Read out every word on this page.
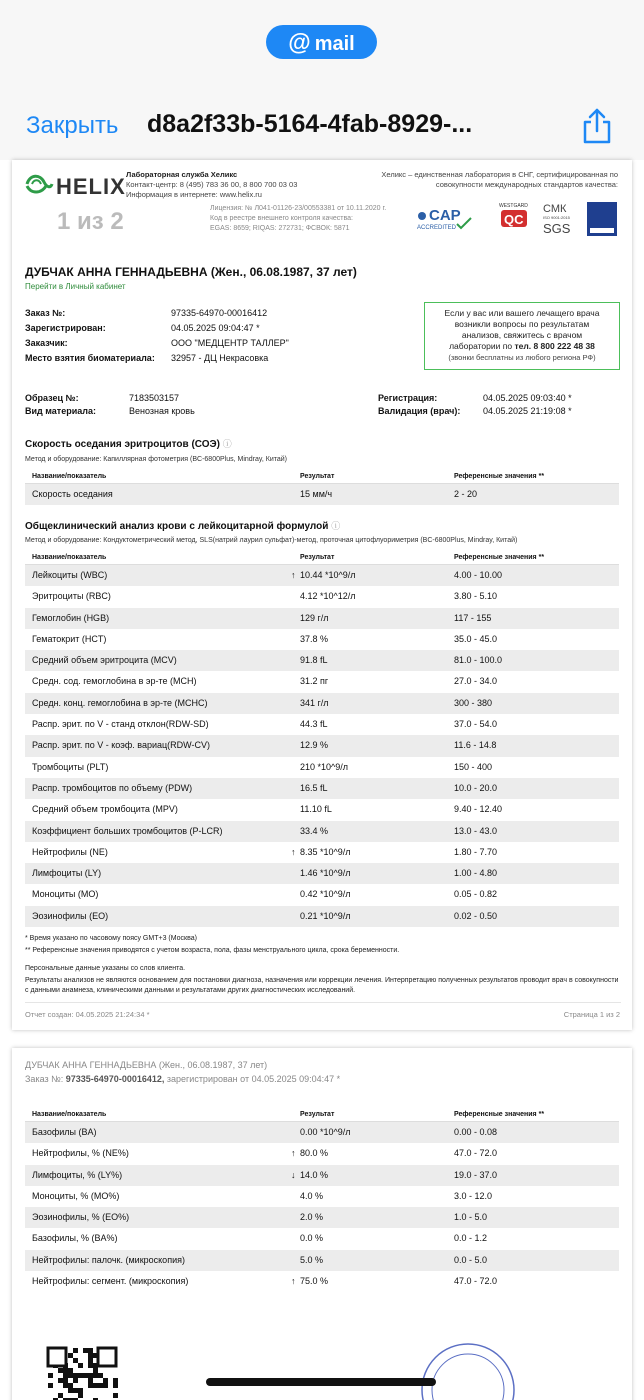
@ mail
Закрыть d8a2f33b-5164-4fab-8929-...
HELIX Лабораторная служба Хеликс
Контакт-центр: 8 (495) 783 36 00, 8 800 700 03 03
Информация в интернете: www.helix.ru
Лицензия: № Л041-01126-23/00553381 от 10.11.2020 г.
Код в реестре внешнего контроля качества:
EGAS: 8659; RIQAS: 272731; ФСВОК: 5871
1 из 2
Хеликс – единственная лаборатория в СНГ, сертифицированная по совокупности международных стандартов качества:
CAP
ACCREDITED
WESTGARD
QC
СМК
ISO 9001:2015
SGS
ДУБЧАК АННА ГЕННАДЬЕВНА (Жен., 06.08.1987, 37 лет)
Перейти в Личный кабинет
Заказ №:	97335-64970-00016412
Зарегистрирован:	04.05.2025 09:04:47 *
Заказчик:	ООО "МЕДЦЕНТР ТАЛЛЕР"
Место взятия биоматериала:	32957 - ДЦ Некрасовка
Если у вас или вашего лечащего врача
возникли вопросы по результатам
анализов, свяжитесь с врачом
лаборатории по тел. 8 800 222 48 38
(звонки бесплатны из любого региона РФ)
Образец №:	7183503157	Регистрация:	04.05.2025 09:03:40 *
Вид материала:	Венозная кровь	Валидация (врач):	04.05.2025 21:19:08 *
Скорость оседания эритроцитов (СОЭ) ⓘ
Метод и оборудование: Капиллярная фотометрия (BC-6800Plus, Mindray, Китай)
Название/показатель	Результат	Референсные значения **
Скорость оседания	15 мм/ч	2 - 20
Общеклинический анализ крови с лейкоцитарной формулой ⓘ
Метод и оборудование: Кондуктометрический метод, SLS(натрий лаурил сульфат)-метод, проточная цитофлуориметрия (BC-6800Plus, Mindray, Китай)
Название/показатель	Результат	Референсные значения **
Лейкоциты (WBC)	↑ 10.44 *10^9/л	4.00 - 10.00
Эритроциты (RBC)	4.12 *10^12/л	3.80 - 5.10
Гемоглобин (HGB)	129 г/л	117 - 155
Гематокрит (HCT)	37.8 %	35.0 - 45.0
Средний объем эритроцита (MCV)	91.8 fL	81.0 - 100.0
Средн. сод. гемоглобина в эр-те (MCH)	31.2 пг	27.0 - 34.0
Средн. конц. гемоглобина в эр-те (MCHC)	341 г/л	300 - 380
Распр. эрит. по V - станд отклон(RDW-SD)	44.3 fL	37.0 - 54.0
Распр. эрит. по V - коэф. вариац(RDW-CV)	12.9 %	11.6 - 14.8
Тромбоциты (PLT)	210 *10^9/л	150 - 400
Распр. тромбоцитов по объему (PDW)	16.5 fL	10.0 - 20.0
Средний объем тромбоцита (MPV)	11.10 fL	9.40 - 12.40
Коэффициент больших тромбоцитов (P-LCR)	33.4 %	13.0 - 43.0
Нейтрофилы (NE)	↑ 8.35 *10^9/л	1.80 - 7.70
Лимфоциты (LY)	1.46 *10^9/л	1.00 - 4.80
Моноциты (MO)	0.42 *10^9/л	0.05 - 0.82
Эозинофилы (EO)	0.21 *10^9/л	0.02 - 0.50
* Время указано по часовому поясу GMT+3 (Москва)
** Референсные значения приводятся с учетом возраста, пола, фазы менструального цикла, срока беременности.
Персональные данные указаны со слов клиента.
Результаты анализов не являются основанием для постановки диагноза, назначения или коррекции лечения. Интерпретацию полученных результатов проводит врач в совокупности с данными анамнеза, клиническими данными и результатами других диагностических исследований.
Отчет создан: 04.05.2025 21:24:34 *	Страница 1 из 2
ДУБЧАК АННА ГЕННАДЬЕВНА (Жен., 06.08.1987, 37 лет)
Заказ №: 97335-64970-00016412, зарегистрирован от 04.05.2025 09:04:47 *
Название/показатель	Результат	Референсные значения **
Базофилы (BA)	0.00 *10^9/л	0.00 - 0.08
Нейтрофилы, % (NE%)	↑ 80.0 %	47.0 - 72.0
Лимфоциты, % (LY%)	↓ 14.0 %	19.0 - 37.0
Моноциты, % (MO%)	4.0 %	3.0 - 12.0
Эозинофилы, % (EO%)	2.0 %	1.0 - 5.0
Базофилы, % (BA%)	0.0 %	0.0 - 1.2
Нейтрофилы: палочк. (микроскопия)	5.0 %	0.0 - 5.0
Нейтрофилы: сегмент. (микроскопия)	↑ 75.0 %	47.0 - 72.0
